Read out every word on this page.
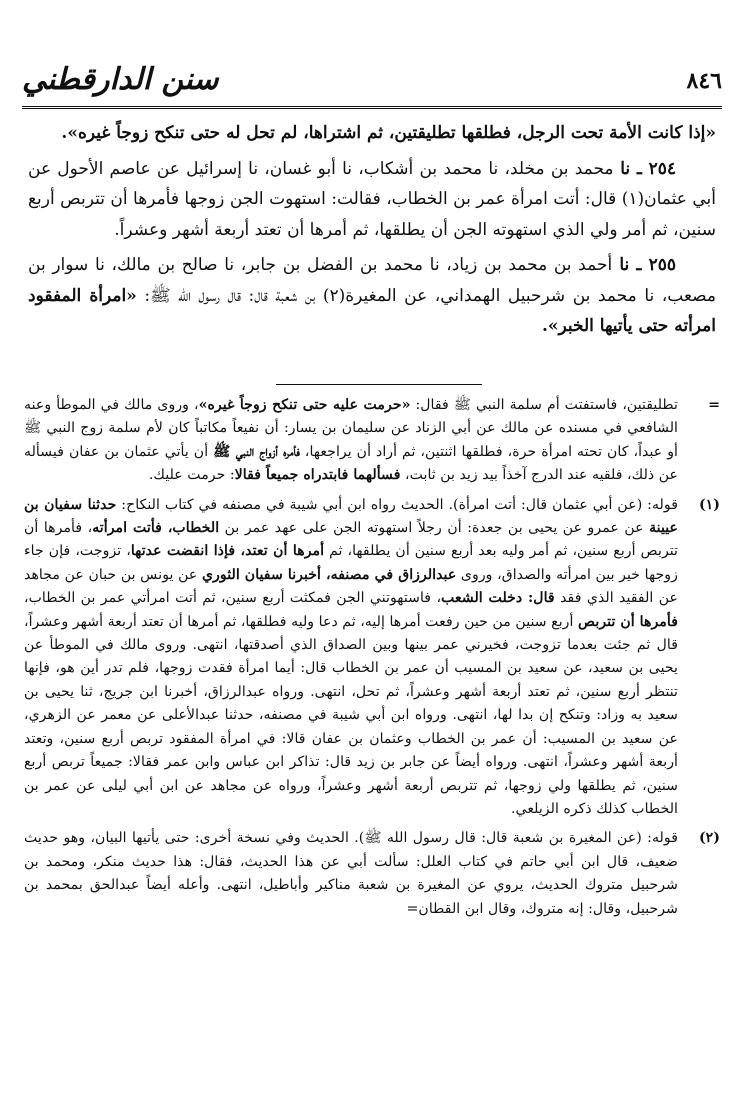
٨٤٦
سنن الدارقطني

«إذا كانت الأمة تحت الرجل، فطلقها تطليقتين، ثم اشتراها، لم تحل له حتى تنكح زوجاً غيره».

٢٥٤ ـ نا محمد بن مخلد، نا محمد بن أشكاب، نا أبو غسان، نا إسرائيل عن عاصم الأحول عن أبي عثمان(١) قال: أتت امرأة عمر بن الخطاب، فقالت: استهوت الجن زوجها فأمرها أن تتربص أربع سنين، ثم أمر ولي الذي استهوته الجن أن يطلقها، ثم أمرها أن تعتد أربعة أشهر وعشراً.

٢٥٥ ـ نا أحمد بن محمد بن زياد، نا محمد بن الفضل بن جابر، نا صالح بن مالك، نا سوار بن مصعب، نا محمد بن شرحبيل الهمداني، عن المغيرة(٢) بن شعبة قال: قال رسول الله ﷺ: «امرأة المفقود امرأته حتى يأتيها الخبر».

=
تطليقتين، فاستفتت أم سلمة النبي ﷺ فقال: «حرمت عليه حتى تنكح زوجاً غيره»، وروى مالك في الموطأ وعنه الشافعي في مسنده عن مالك عن أبي الزناد عن سليمان بن يسار: أن نفيعاً مكاتباً كان لأم سلمة زوج النبي ﷺ أو عبداً، كان تحته امرأة حرة، فطلقها اثنتين، ثم أراد أن يراجعها، فأمره أزواج النبي ﷺ أن يأتي عثمان بن عفان فيسأله عن ذلك، فلقيه عند الدرج آخذاً بيد زيد بن ثابت، فسألهما فابتدراه جميعاً فقالا: حرمت عليك.
(١)
قوله: (عن أبي عثمان قال: أتت امرأة). الحديث رواه ابن أبي شيبة في مصنفه في كتاب النكاح: حدثنا سفيان بن عيينة عن عمرو عن يحيى بن جعدة: أن رجلاً استهوته الجن على عهد عمر بن الخطاب، فأتت امرأته، فأمرها أن تتربص أربع سنين، ثم أمر وليه بعد أربع سنين أن يطلقها، ثم أمرها أن تعتد، فإذا انقضت عدتها، تزوجت، فإن جاء زوجها خير بين امرأته والصداق، وروى عبدالرزاق في مصنفه، أخبرنا سفيان الثوري عن يونس بن حبان عن مجاهد عن الفقيد الذي فقد قال: دخلت الشعب، فاستهوتني الجن فمكثت أربع سنين، ثم أتت امرأتي عمر بن الخطاب، فأمرها أن تتربص أربع سنين من حين رفعت أمرها إليه، ثم دعا وليه فطلقها، ثم أمرها أن تعتد أربعة أشهر وعشراً، قال ثم جئت بعدما تزوجت، فخيرني عمر بينها وبين الصداق الذي أصدقتها، انتهى. وروى مالك في الموطأ عن يحيى بن سعيد، عن سعيد بن المسيب أن عمر بن الخطاب قال: أيما امرأة فقدت زوجها، فلم تدر أين هو، فإنها تنتظر أربع سنين، ثم تعتد أربعة أشهر وعشراً، ثم تحل، انتهى. ورواه عبدالرزاق، أخبرنا ابن جريج، ثنا يحيى بن سعيد به وزاد: وتنكح إن بدا لها، انتهى. ورواه ابن أبي شيبة في مصنفه، حدثنا عبدالأعلى عن معمر عن الزهري، عن سعيد بن المسيب: أن عمر بن الخطاب وعثمان بن عفان قالا: في امرأة المفقود تربص أربع سنين، وتعتد أربعة أشهر وعشراً، انتهى. ورواه أيضاً عن جابر بن زيد قال: تذاكر ابن عباس وابن عمر فقالا: جميعاً تربص أربع سنين، ثم يطلقها ولي زوجها، ثم تتربص أربعة أشهر وعشراً، ورواه عن مجاهد عن ابن أبي ليلى عن عمر بن الخطاب كذلك ذكره الزيلعي.
(٢)
قوله: (عن المغيرة بن شعبة قال: قال رسول الله ﷺ). الحديث وفي نسخة أخرى: حتى يأتيها البيان، وهو حديث ضعيف، قال ابن أبي حاتم في كتاب العلل: سألت أبي عن هذا الحديث، فقال: هذا حديث منكر، ومحمد بن شرحبيل متروك الحديث، يروي عن المغيرة بن شعبة مناكير وأباطيل، انتهى. وأعله أيضاً عبدالحق بمحمد بن شرحبيل، وقال: إنه متروك، وقال ابن القطان=
